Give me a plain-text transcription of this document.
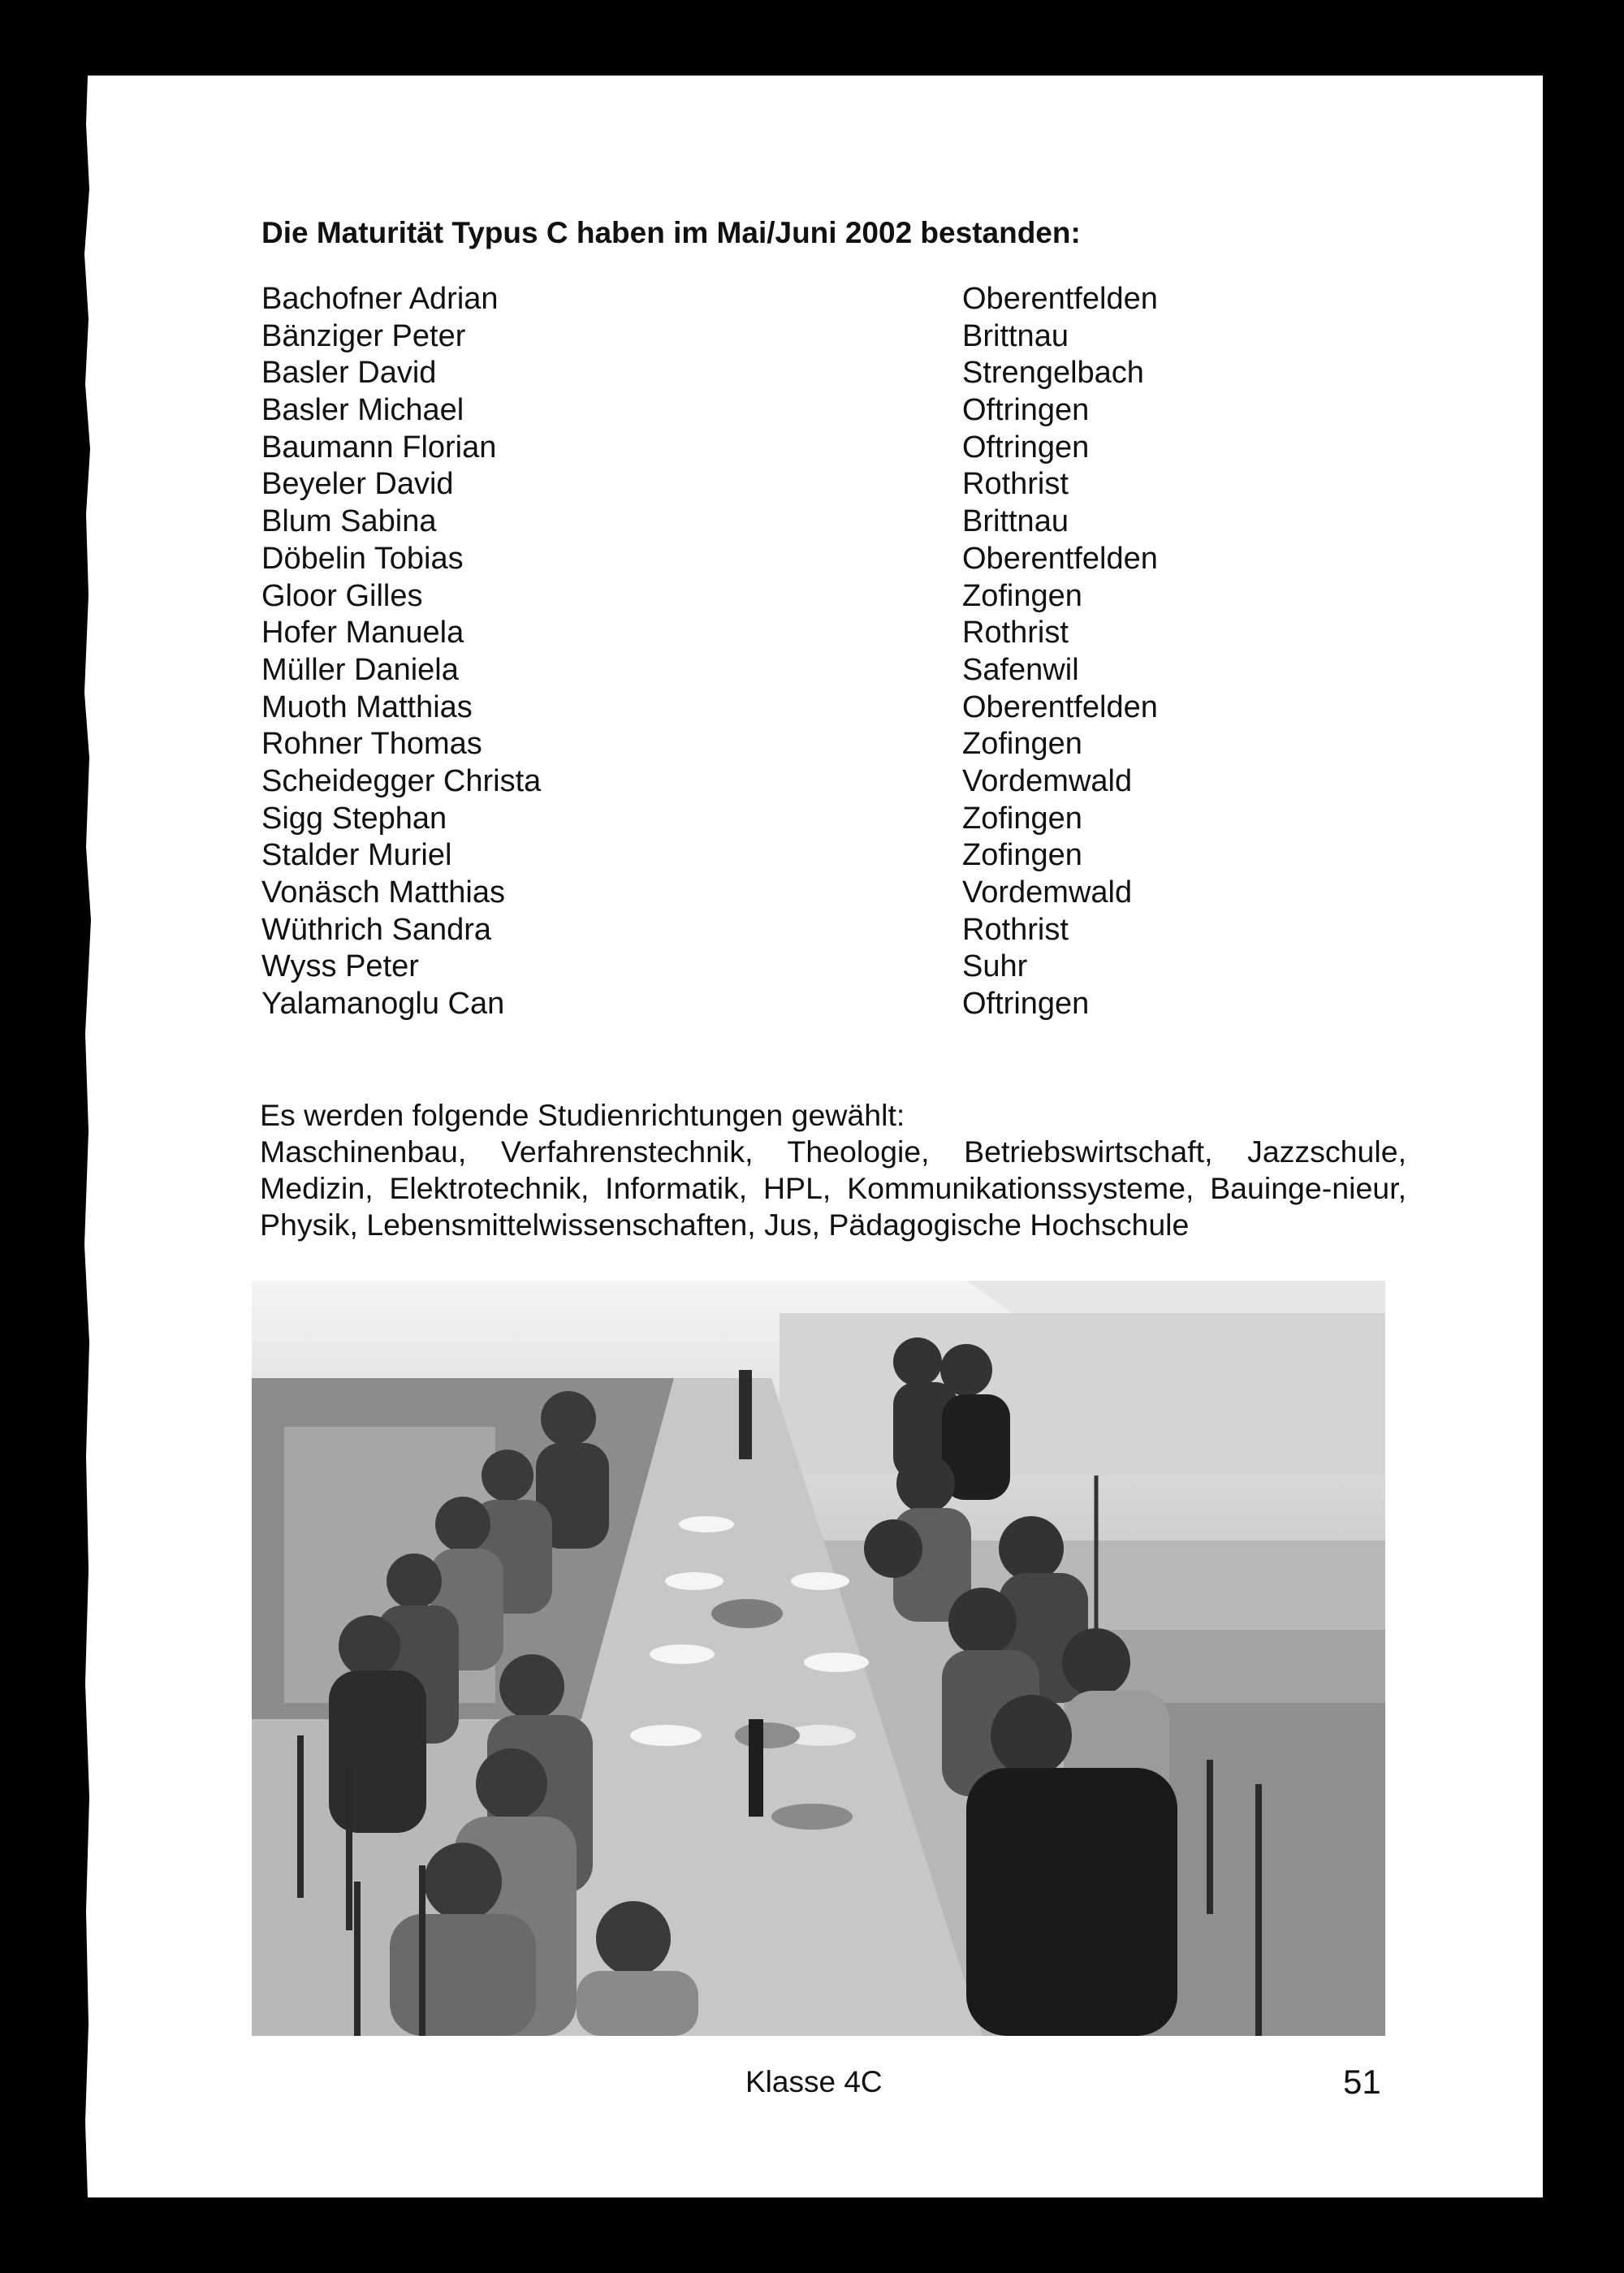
Die Maturität Typus C haben im Mai/Juni 2002 bestanden:
Bachofner Adrian	Oberentfelden
Bänziger Peter	Brittnau
Basler David	Strengelbach
Basler Michael	Oftringen
Baumann Florian	Oftringen
Beyeler David	Rothrist
Blum Sabina	Brittnau
Döbelin Tobias	Oberentfelden
Gloor Gilles	Zofingen
Hofer Manuela	Rothrist
Müller Daniela	Safenwil
Muoth Matthias	Oberentfelden
Rohner Thomas	Zofingen
Scheidegger Christa	Vordemwald
Sigg Stephan	Zofingen
Stalder Muriel	Zofingen
Vonäsch Matthias	Vordemwald
Wüthrich Sandra	Rothrist
Wyss Peter	Suhr
Yalamanoglu Can	Oftringen

Es werden folgende Studienrichtungen gewählt:

Maschinenbau, Verfahrenstechnik, Theologie, Betriebswirtschaft, Jazzschule, Medizin, Elektrotechnik, Informatik, HPL, Kommunikationssysteme, Bauinge-nieur, Physik, Lebensmittelwissenschaften, Jus, Pädagogische Hochschule

Klasse 4C	51
